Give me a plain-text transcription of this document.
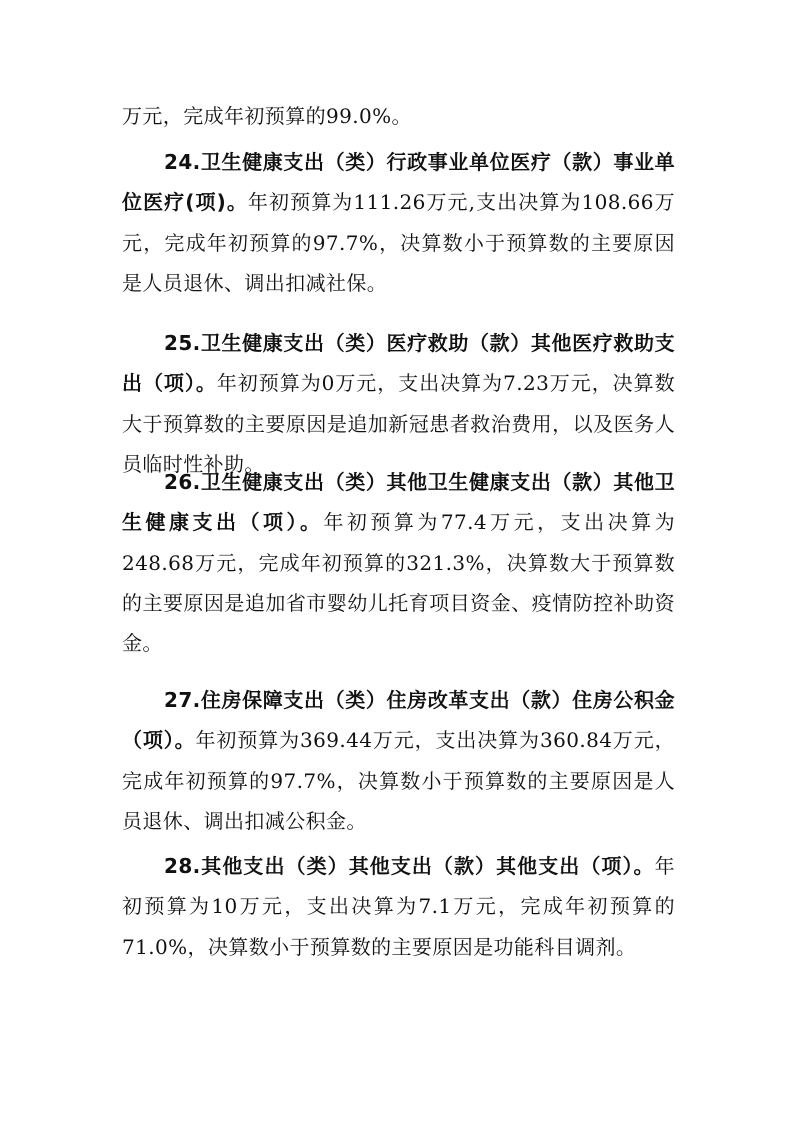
万元，完成年初预算的99.0%。

24.卫生健康支出（类）行政事业单位医疗（款）事业单位医疗(项)。年初预算为111.26万元,支出决算为108.66万元，完成年初预算的97.7%，决算数小于预算数的主要原因是人员退休、调出扣减社保。

25.卫生健康支出（类）医疗救助（款）其他医疗救助支出（项）。年初预算为0万元，支出决算为7.23万元，决算数大于预算数的主要原因是追加新冠患者救治费用，以及医务人员临时性补助。

26.卫生健康支出（类）其他卫生健康支出（款）其他卫生健康支出（项）。年初预算为77.4万元，支出决算为248.68万元，完成年初预算的321.3%，决算数大于预算数的主要原因是追加省市婴幼儿托育项目资金、疫情防控补助资金。

27.住房保障支出（类）住房改革支出（款）住房公积金（项）。年初预算为369.44万元，支出决算为360.84万元，完成年初预算的97.7%，决算数小于预算数的主要原因是人员退休、调出扣减公积金。

28.其他支出（类）其他支出（款）其他支出（项）。年初预算为10万元，支出决算为7.1万元，完成年初预算的71.0%，决算数小于预算数的主要原因是功能科目调剂。
